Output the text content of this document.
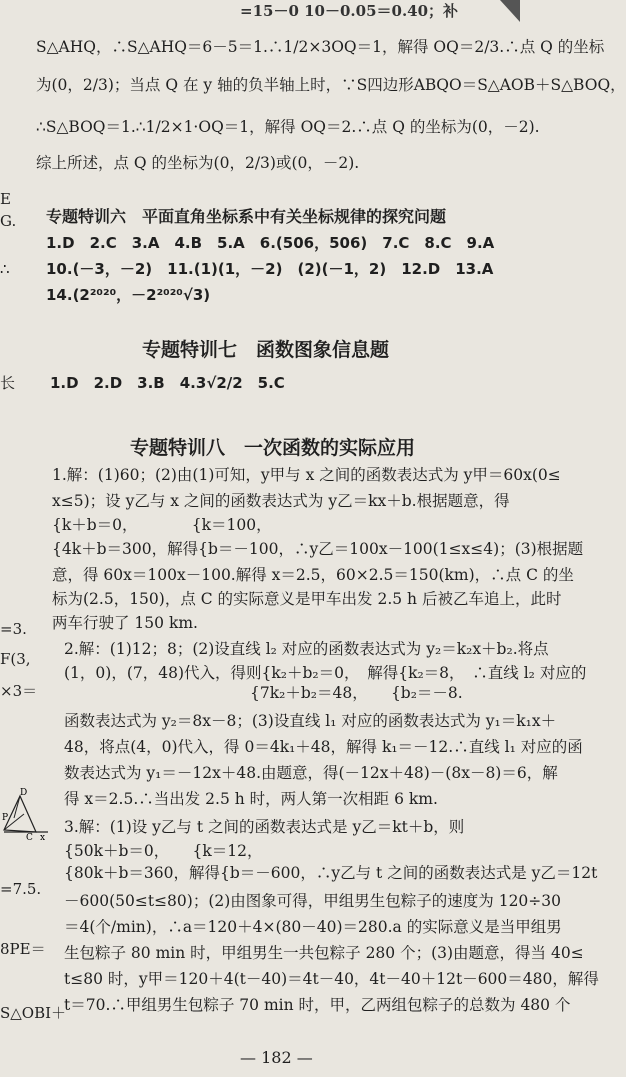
=15－0 10－0.05＝0.40；补
S△AHQ，∴S△AHQ＝6－5＝1.∴1/2×3OQ＝1，解得 OQ＝2/3.∴点 Q 的坐标
为(0，2/3)；当点 Q 在 y 轴的负半轴上时，∵S四边形ABQO＝S△AOB＋S△BOQ，
∴S△BOQ＝1.∴1/2×1·OQ＝1，解得 OQ＝2.∴点 Q 的坐标为(0，－2).
综上所述，点 Q 的坐标为(0，2/3)或(0，－2).
专题特训六　平面直角坐标系中有关坐标规律的探究问题
1.D　2.C　3.A　4.B　5.A　6.(506，506)　7.C　8.C　9.A
10.(－3，－2)　11.(1)(1，－2)　(2)(－1，2)　12.D　13.A
14.(2²⁰²⁰，－2²⁰²⁰√3)
专题特训七　函数图象信息题
1.D　2.D　3.B　4.3√2/2　5.C
专题特训八　一次函数的实际应用
1.解：(1)60；(2)由(1)可知，y甲与 x 之间的函数表达式为 y甲＝60x(0≤
x≤5)；设 y乙与 x 之间的函数表达式为 y乙＝kx＋b.根据题意，得
{k＋b＝0，　　　　{k＝100，
{4k＋b＝300，解得{b＝－100，∴y乙＝100x－100(1≤x≤4)；(3)根据题
意，得 60x＝100x－100.解得 x＝2.5，60×2.5＝150(km)，∴点 C 的坐
标为(2.5，150)，点 C 的实际意义是甲车出发 2.5 h 后被乙车追上，此时
两车行驶了 150 km.
2.解：(1)12；8；(2)设直线 l₂ 对应的函数表达式为 y₂＝k₂x＋b₂.将点
(1，0)，(7，48)代入，得则{k₂＋b₂＝0，　解得{k₂＝8，　∴直线 l₂ 对应的
　　　　　　　　　　　　{7k₂＋b₂＝48，　　{b₂＝－8.
函数表达式为 y₂＝8x－8；(3)设直线 l₁ 对应的函数表达式为 y₁＝k₁x＋
48，将点(4，0)代入，得 0＝4k₁＋48，解得 k₁＝－12.∴直线 l₁ 对应的函
数表达式为 y₁＝－12x＋48.由题意，得(－12x＋48)－(8x－8)＝6，解
得 x＝2.5.∴当出发 2.5 h 时，两人第一次相距 6 km.
3.解：(1)设 y乙与 t 之间的函数表达式是 y乙＝kt＋b，则
{50k＋b＝0，　　{k＝12，
{80k＋b＝360，解得{b＝－600，∴y乙与 t 之间的函数表达式是 y乙＝12t
－600(50≤t≤80)；(2)由图象可得，甲组男生包粽子的速度为 120÷30
＝4(个/min)，∴a＝120＋4×(80－40)＝280.a 的实际意义是当甲组男
生包粽子 80 min 时，甲组男生一共包粽子 280 个；(3)由题意，得当 40≤
t≤80 时，y甲＝120＋4(t－40)＝4t－40，4t－40＋12t－600＝480，解得
t＝70.∴甲组男生包粽子 70 min 时，甲，乙两组包粽子的总数为 480 个
E
G.
∴
长
=3.
F(3,
×3＝
=7.5.
8PE＝
S△OBI＋
D
P
C x
— 182 —
